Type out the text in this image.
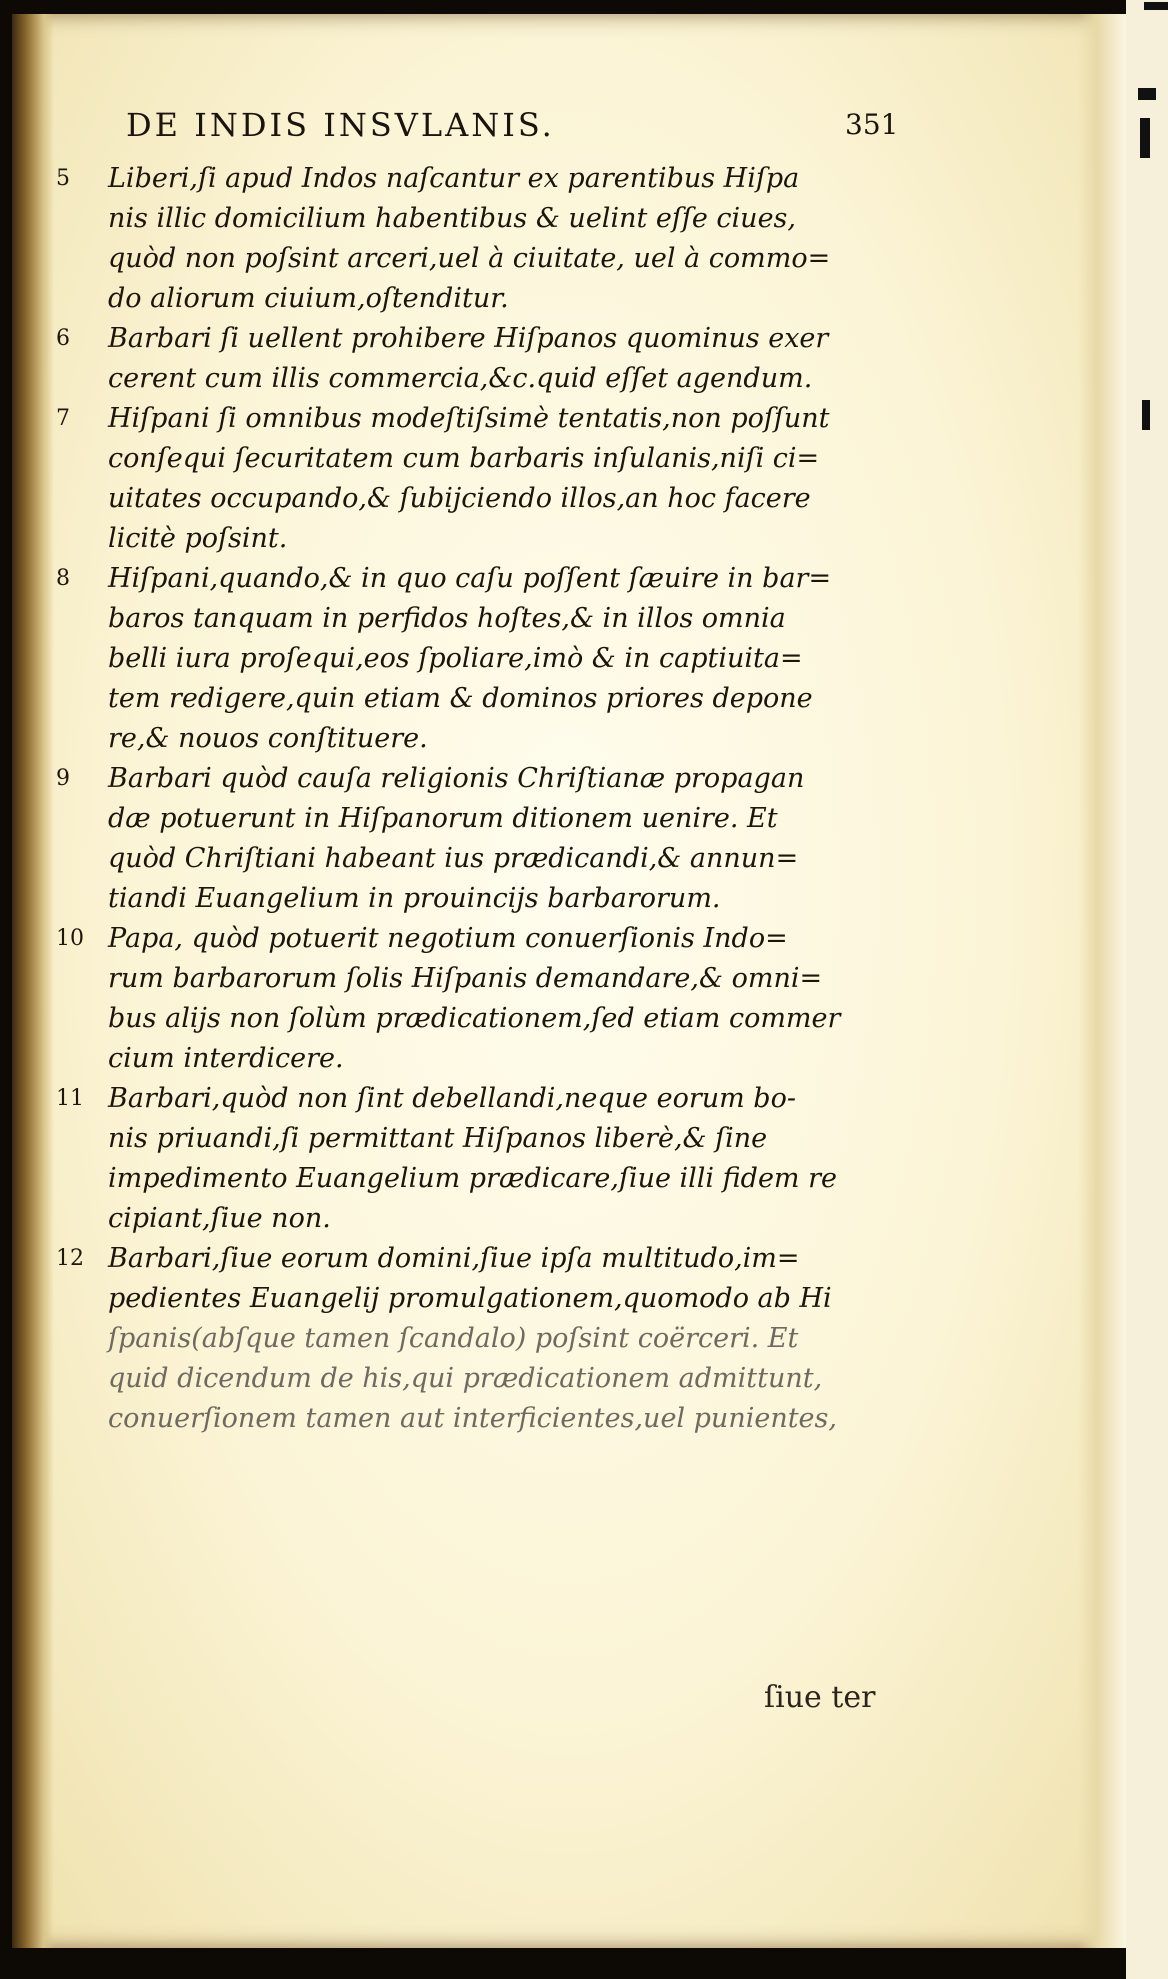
DE INDIS INSVLANIS.	351
5 Liberi,ſi apud Indos naſcantur ex parentibus Hiſpa
nis illic domicilium habentibus & uelint eſſe ciues,
quòd non poſsint arceri,uel à ciuitate, uel à commo=
do aliorum ciuium,oſtenditur.
6 Barbari ſi uellent prohibere Hiſpanos quominus exer
cerent cum illis commercia,&c.quid eſſet agendum.
7 Hiſpani ſi omnibus modeſtiſsimè tentatis,non poſſunt
conſequi ſecuritatem cum barbaris inſulanis,niſi ci=
uitates occupando,& ſubijciendo illos,an hoc facere
licitè poſsint.
8 Hiſpani,quando,& in quo caſu poſſent ſæuire in bar=
baros tanquam in perfidos hoſtes,& in illos omnia
belli iura proſequi,eos ſpoliare,imò & in captiuita=
tem redigere,quin etiam & dominos priores depone
re,& nouos conſtituere.
9 Barbari quòd cauſa religionis Chriſtianæ propagan
dæ potuerunt in Hiſpanorum ditionem uenire. Et
quòd Chriſtiani habeant ius prædicandi,& annun=
tiandi Euangelium in prouincijs barbarorum.
10 Papa, quòd potuerit negotium conuerſionis Indo=
rum barbarorum ſolis Hiſpanis demandare,& omni=
bus alijs non ſolùm prædicationem,ſed etiam commer
cium interdicere.
11 Barbari,quòd non ſint debellandi,neque eorum bo-
nis priuandi,ſi permittant Hiſpanos liberè,& ſine
impedimento Euangelium prædicare,ſiue illi fidem re
cipiant,ſiue non.
12 Barbari,ſiue eorum domini,ſiue ipſa multitudo,im=
pedientes Euangelij promulgationem,quomodo ab Hi
ſpanis(abſque tamen ſcandalo) poſsint coërceri. Et
quid dicendum de his,qui prædicationem admittunt,
conuerſionem tamen aut interficientes,uel punientes,
ſiue ter
